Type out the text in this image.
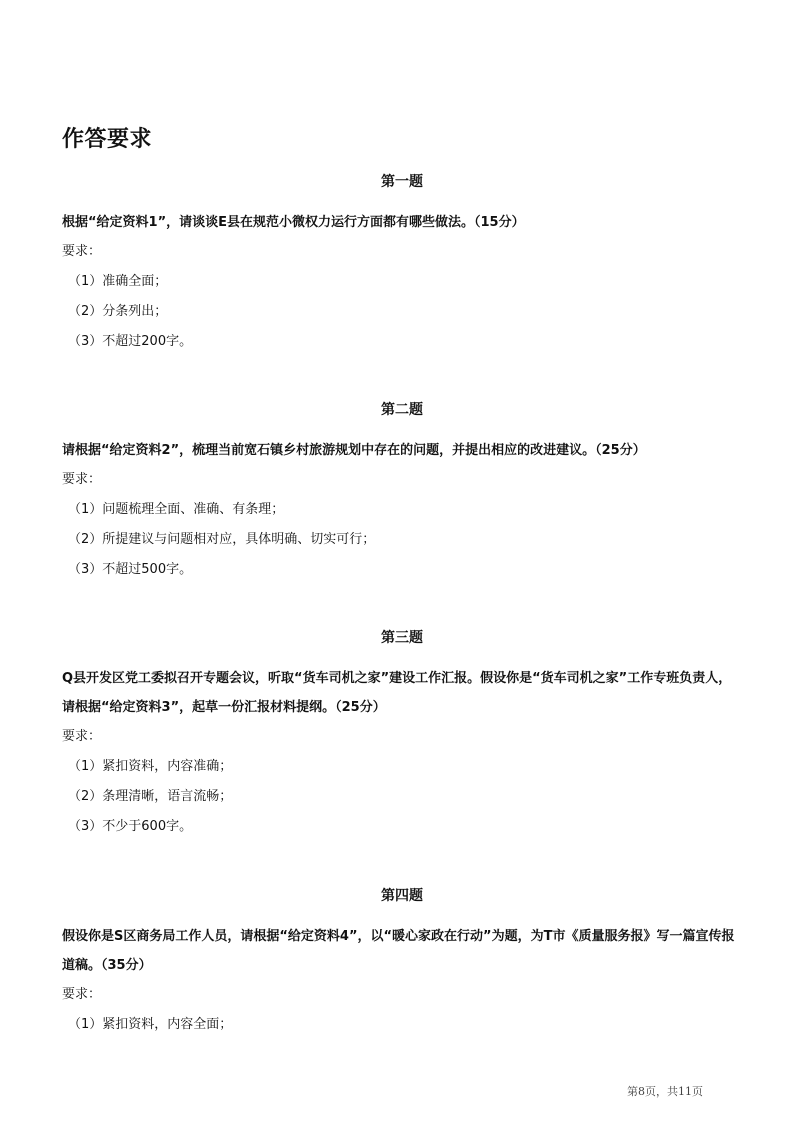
作答要求
第一题
根据“给定资料1”，请谈谈E县在规范小微权力运行方面都有哪些做法。（15分）
要求：
（1）准确全面；
（2）分条列出；
（3）不超过200字。
第二题
请根据“给定资料2”，梳理当前宽石镇乡村旅游规划中存在的问题，并提出相应的改进建议。（25分）
要求：
（1）问题梳理全面、准确、有条理；
（2）所提建议与问题相对应，具体明确、切实可行；
（3）不超过500字。
第三题
Q县开发区党工委拟召开专题会议，听取“货车司机之家”建设工作汇报。假设你是“货车司机之家”工作专班负责人，请根据“给定资料3”，起草一份汇报材料提纲。（25分）
要求：
（1）紧扣资料，内容准确；
（2）条理清晰，语言流畅；
（3）不少于600字。
第四题
假设你是S区商务局工作人员，请根据“给定资料4”，以“暖心家政在行动”为题，为T市《质量服务报》写一篇宣传报道稿。（35分）
要求：
（1）紧扣资料，内容全面；
第8页，共11页
